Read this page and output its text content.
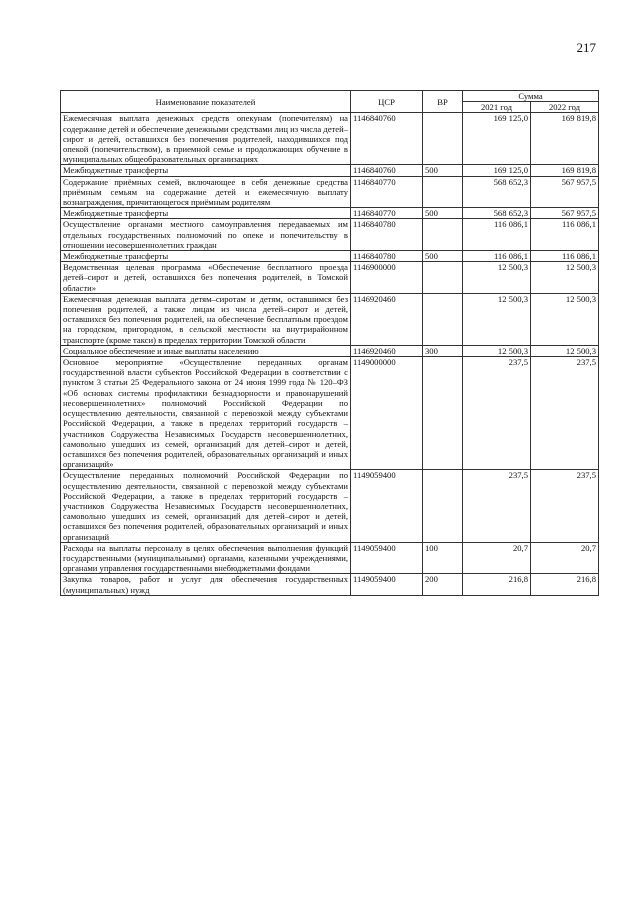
217
Наименование показателей	ЦСР	ВР	Сумма	
			2021 год	2022 год
Ежемесячная выплата денежных средств опекунам (попечителям) на содержание детей и обеспечение денежными средствами лиц из числа детей–сирот и детей, оставшихся без попечения родителей, находившихся под опекой (попечительством), в приемной семье и продолжающих обучение в муниципальных общеобразовательных организациях	1146840760		169 125,0	169 819,8
Межбюджетные трансферты	1146840760	500	169 125,0	169 819,8
Содержание приёмных семей, включающее в себя денежные средства приёмным семьям на содержание детей и ежемесячную выплату вознаграждения, причитающегося приёмным родителям	1146840770		568 652,3	567 957,5
Межбюджетные трансферты	1146840770	500	568 652,3	567 957,5
Осуществление органами местного самоуправления передаваемых им отдельных государственных полномочий по опеке и попечительству в отношении несовершеннолетних граждан	1146840780		116 086,1	116 086,1
Межбюджетные трансферты	1146840780	500	116 086,1	116 086,1
Ведомственная целевая программа «Обеспечение бесплатного проезда детей–сирот и детей, оставшихся без попечения родителей, в Томской области»	1146900000		12 500,3	12 500,3
Ежемесячная денежная выплата детям–сиротам и детям, оставшимся без попечения родителей, а также лицам из числа детей–сирот и детей, оставшихся без попечения родителей, на обеспечение бесплатным проездом на городском, пригородном, в сельской местности на внутрирайонном транспорте (кроме такси) в пределах территории Томской области	1146920460		12 500,3	12 500,3
Социальное обеспечение и иные выплаты населению	1146920460	300	12 500,3	12 500,3
Основное мероприятие «Осуществление переданных органам государственной власти субъектов Российской Федерации в соответствии с пунктом 3 статьи 25 Федерального закона от 24 июня 1999 года № 120–ФЗ «Об основах системы профилактики безнадзорности и правонарушений несовершеннолетних» полномочий Российской Федерации по осуществлению деятельности, связанной с перевозкой между субъектами Российской Федерации, а также в пределах территорий государств – участников Содружества Независимых Государств несовершеннолетних, самовольно ушедших из семей, организаций для детей–сирот и детей, оставшихся без попечения родителей, образовательных организаций и иных организаций»	1149000000		237,5	237,5
Осуществление переданных полномочий Российской Федерации по осуществлению деятельности, связанной с перевозкой между субъектами Российской Федерации, а также в пределах территорий государств – участников Содружества Независимых Государств несовершеннолетних, самовольно ушедших из семей, организаций для детей–сирот и детей, оставшихся без попечения родителей, образовательных организаций и иных организаций	1149059400		237,5	237,5
Расходы на выплаты персоналу в целях обеспечения выполнения функций государственными (муниципальными) органами, казенными учреждениями, органами управления государственными внебюджетными фондами	1149059400	100	20,7	20,7
Закупка товаров, работ и услуг для обеспечения государственных (муниципальных) нужд	1149059400	200	216,8	216,8
